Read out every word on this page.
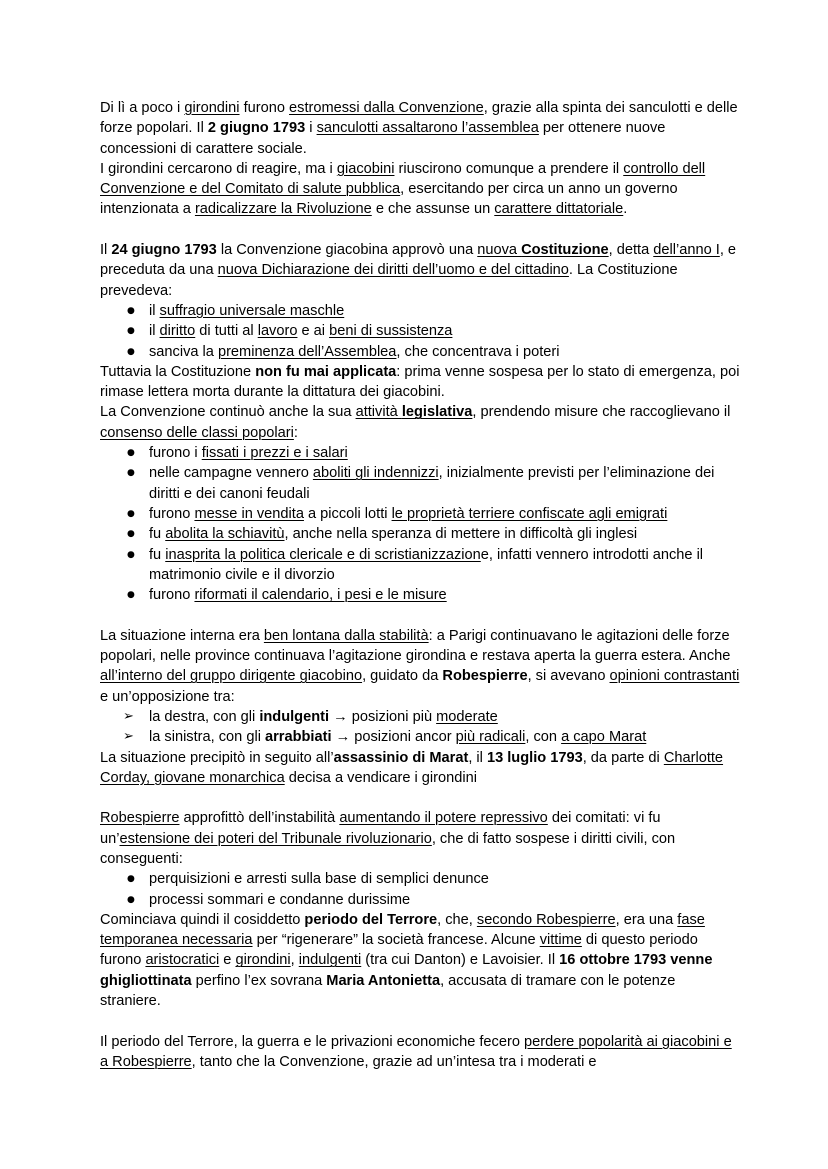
Di lì a poco i girondini furono estromessi dalla Convenzione, grazie alla spinta dei sanculotti e delle forze popolari. Il 2 giugno 1793 i sanculotti assaltarono l’assemblea per ottenere nuove concessioni di carattere sociale.

I girondini cercarono di reagire, ma i giacobini riuscirono comunque a prendere il controllo dell Convenzione e del Comitato di salute pubblica, esercitando per circa un anno un governo intenzionata a radicalizzare la Rivoluzione e che assunse un carattere dittatoriale.

Il 24 giugno 1793 la Convenzione giacobina approvò una nuova Costituzione, detta dell’anno I, e preceduta da una nuova Dichiarazione dei diritti dell’uomo e del cittadino. La Costituzione prevedeva:

● il suffragio universale maschle
● il diritto di tutti al lavoro e ai beni di sussistenza
● sanciva la preminenza dell’Assemblea, che concentrava i poteri

Tuttavia la Costituzione non fu mai applicata: prima venne sospesa per lo stato di emergenza, poi rimase lettera morta durante la dittatura dei giacobini.

La Convenzione continuò anche la sua attività legislativa, prendendo misure che raccoglievano il consenso delle classi popolari:

● furono i fissati i prezzi e i salari
● nelle campagne vennero aboliti gli indennizzi, inizialmente previsti per l’eliminazione dei diritti e dei canoni feudali
● furono messe in vendita a piccoli lotti le proprietà terriere confiscate agli emigrati
● fu abolita la schiavitù, anche nella speranza di mettere in difficoltà gli inglesi
● fu inasprita la politica clericale e di scristianizzazione, infatti vennero introdotti anche il matrimonio civile e il divorzio
● furono riformati il calendario, i pesi e le misure

La situazione interna era ben lontana dalla stabilità: a Parigi continuavano le agitazioni delle forze popolari, nelle province continuava l’agitazione girondina e restava aperta la guerra estera. Anche all’interno del gruppo dirigente giacobino, guidato da Robespierre, si avevano opinioni contrastanti e un’opposizione tra:

➢	la destra, con gli indulgenti → posizioni più moderate
➢	la sinistra, con gli arrabbiati → posizioni ancor più radicali, con a capo Marat

La situazione precipitò in seguito all’assassinio di Marat, il 13 luglio 1793, da parte di Charlotte Corday, giovane monarchica decisa a vendicare i girondini

Robespierre approfittò dell’instabilità aumentando il potere repressivo dei comitati: vi fu un’estensione dei poteri del Tribunale rivoluzionario, che di fatto sospese i diritti civili, con conseguenti:

● perquisizioni e arresti sulla base di semplici denunce
● processi sommari e condanne durissime

Cominciava quindi il cosiddetto periodo del Terrore, che, secondo Robespierre, era una fase temporanea necessaria per “rigenerare” la società francese. Alcune vittime di questo periodo furono aristocratici e girondini, indulgenti (tra cui Danton) e Lavoisier. Il 16 ottobre 1793 venne ghigliottinata perfino l’ex sovrana Maria Antonietta, accusata di tramare con le potenze straniere.

Il periodo del Terrore, la guerra e le privazioni economiche fecero perdere popolarità ai giacobini e a Robespierre, tanto che la Convenzione, grazie ad un’intesa tra i moderati e
